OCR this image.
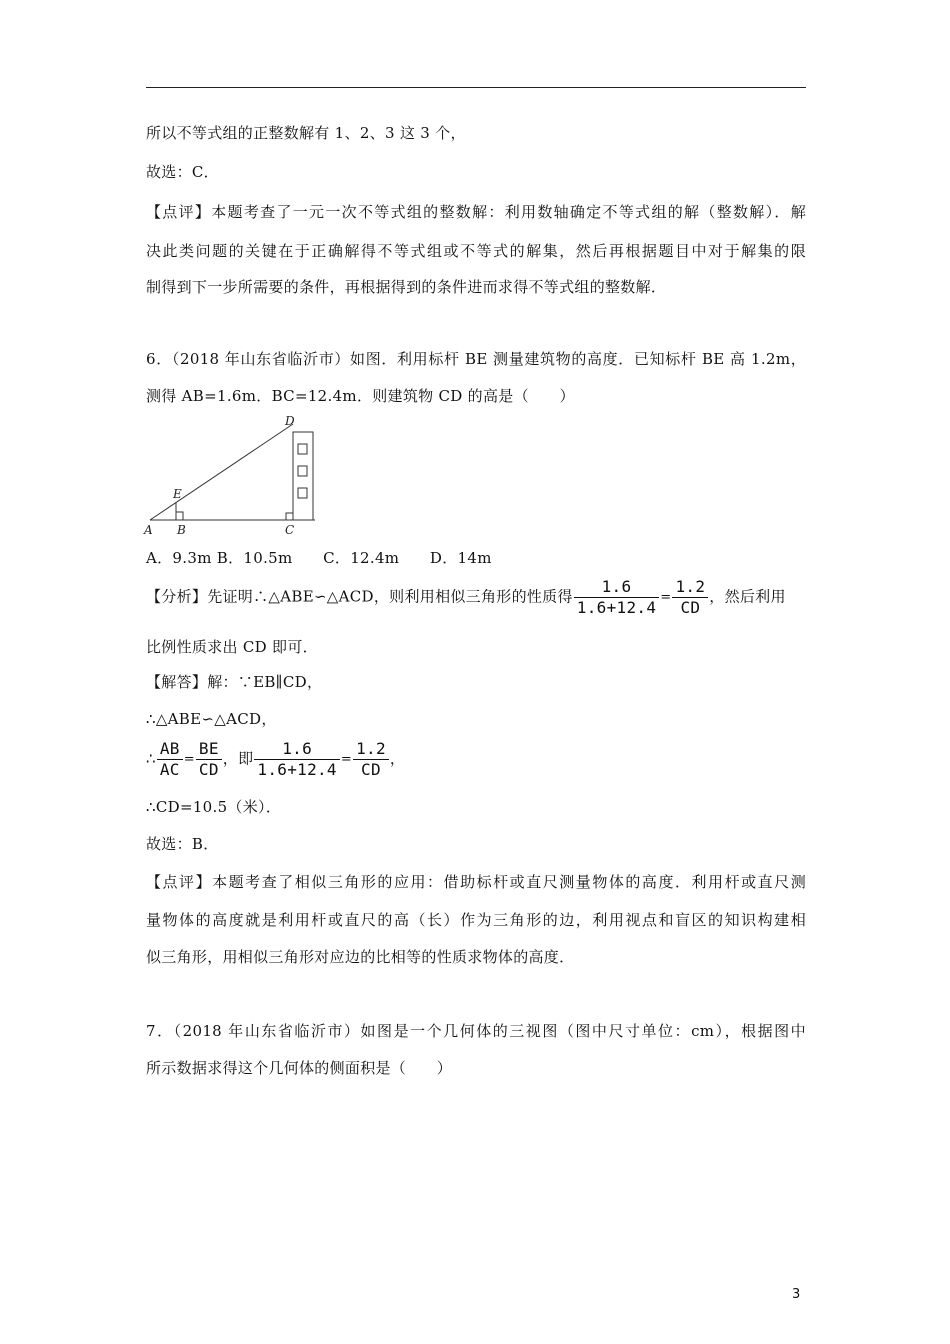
所以不等式组的正整数解有 1、2、3 这 3 个，
故选：C．
【点评】本题考查了一元一次不等式组的整数解：利用数轴确定不等式组的解（整数解）．解
决此类问题的关键在于正确解得不等式组或不等式的解集，然后再根据题目中对于解集的限
制得到下一步所需要的条件，再根据得到的条件进而求得不等式组的整数解．
6．（2018 年山东省临沂市）如图．利用标杆 BE 测量建筑物的高度．已知标杆 BE 高 1.2m，
测得 AB=1.6m．BC=12.4m．则建筑物 CD 的高是（　　）
A B	C
D
E
A．9.3m B．10.5m　　C．12.4m　　D．14m
【分析】先证明∴△ABE∽△ACD，则利用相似三角形的性质得 $\frac{1.6}{1.6+12.4} = \frac{1.2}{CD}$ ，然后利用
比例性质求出 CD 即可．
【解答】解：∵EB∥CD，
∴△ABE∽△ACD，
∴ $\frac{AB}{AC} = \frac{BE}{CD}$ ，即 $\frac{1.6}{1.6+12.4} = \frac{1.2}{CD}$ ，
∴CD=10.5（米）．
故选：B．
【点评】本题考查了相似三角形的应用：借助标杆或直尺测量物体的高度．利用杆或直尺测
量物体的高度就是利用杆或直尺的高（长）作为三角形的边，利用视点和盲区的知识构建相
似三角形，用相似三角形对应边的比相等的性质求物体的高度．
7．（2018 年山东省临沂市）如图是一个几何体的三视图（图中尺寸单位：cm），根据图中
所示数据求得这个几何体的侧面积是（　　）
3
